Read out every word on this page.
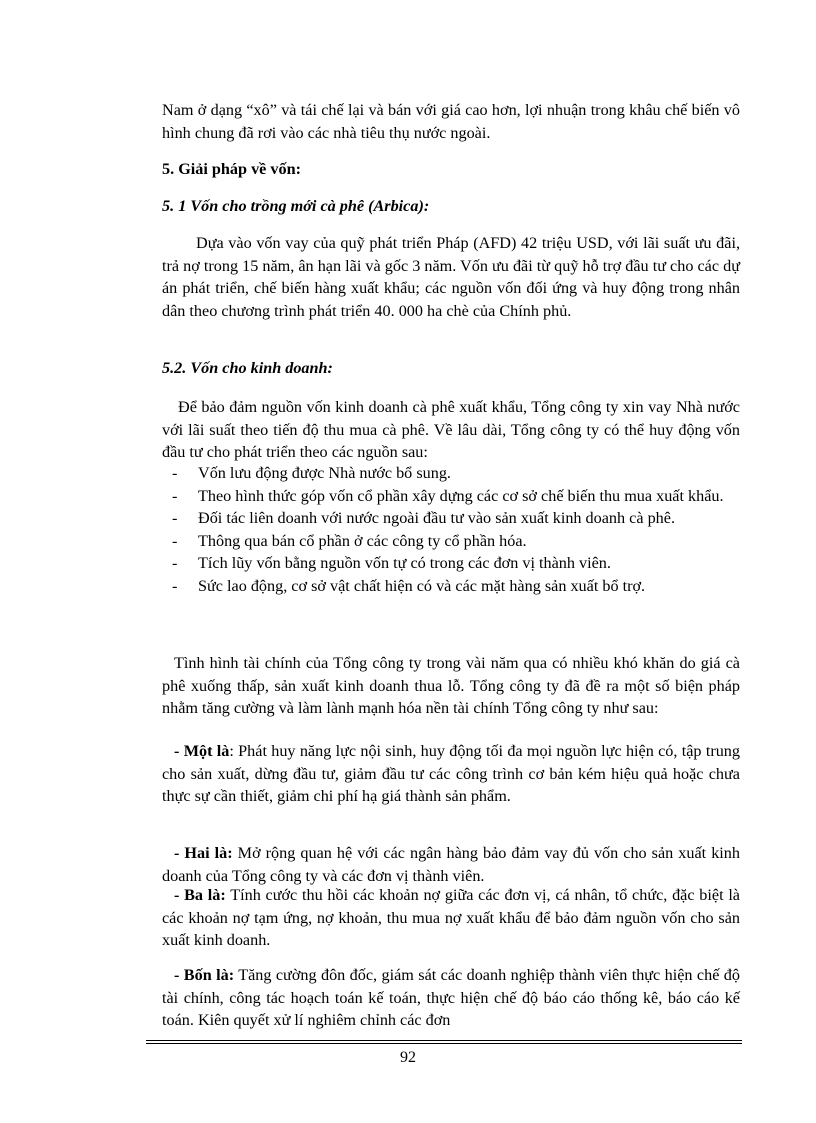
Nam ở dạng “xô” và tái chế lại và bán với giá cao hơn, lợi nhuận trong khâu chế biến vô hình chung đã rơi vào các nhà tiêu thụ nước ngoài.

5. Giải pháp về vốn:
5. 1 Vốn cho trồng mới cà phê (Arbica):

Dựa vào vốn vay của quỹ phát triển Pháp (AFD) 42 triệu USD, với lãi suất ưu đãi, trả nợ trong 15 năm, ân hạn lãi và gốc 3 năm. Vốn ưu đãi từ quỹ hỗ trợ đầu tư cho các dự án phát triển, chế biến hàng xuất khẩu; các nguồn vốn đối ứng và huy động trong nhân dân theo chương trình phát triển 40. 000 ha chè của Chính phủ.

5.2. Vốn cho kinh doanh:

Để bảo đảm nguồn vốn kinh doanh cà phê xuất khẩu, Tổng công ty xin vay Nhà nước với lãi suất theo tiến độ thu mua cà phê. Về lâu dài, Tổng công ty có thể huy động vốn đầu tư cho phát triển theo các nguồn sau:

- Vốn lưu động được Nhà nước bổ sung.
- Theo hình thức góp vốn cổ phần xây dựng các cơ sở chế biến thu mua xuất khẩu.
- Đối tác liên doanh với nước ngoài đầu tư vào sản xuất kinh doanh cà phê.
- Thông qua bán cổ phần ở các công ty cổ phần hóa.
- Tích lũy vốn bằng nguồn vốn tự có trong các đơn vị thành viên.
- Sức lao động, cơ sở vật chất hiện có và các mặt hàng sản xuất bổ trợ.

Tình hình tài chính của Tổng công ty trong vài năm qua có nhiều khó khăn do giá cà phê xuống thấp, sản xuất kinh doanh thua lỗ. Tổng công ty đã đề ra một số biện pháp nhằm tăng cường và làm lành mạnh hóa nền tài chính Tổng công ty như sau:

- Một là: Phát huy năng lực nội sinh, huy động tối đa mọi nguồn lực hiện có, tập trung cho sản xuất, dừng đầu tư, giảm đầu tư các công trình cơ bản kém hiệu quả hoặc chưa thực sự cần thiết, giảm chi phí hạ giá thành sản phẩm.

- Hai là: Mở rộng quan hệ với các ngân hàng bảo đảm vay đủ vốn cho sản xuất kinh doanh của Tổng công ty và các đơn vị thành viên.

- Ba là: Tính cước thu hồi các khoản nợ giữa các đơn vị, cá nhân, tổ chức, đặc biệt là các khoản nợ tạm ứng, nợ khoản, thu mua nợ xuất khẩu để bảo đảm nguồn vốn cho sản xuất kinh doanh.

- Bốn là: Tăng cường đôn đốc, giám sát các doanh nghiệp thành viên thực hiện chế độ tài chính, công tác hoạch toán kế toán, thực hiện chế độ báo cáo thống kê, báo cáo kế toán. Kiên quyết xử lí nghiêm chỉnh các đơn

92
